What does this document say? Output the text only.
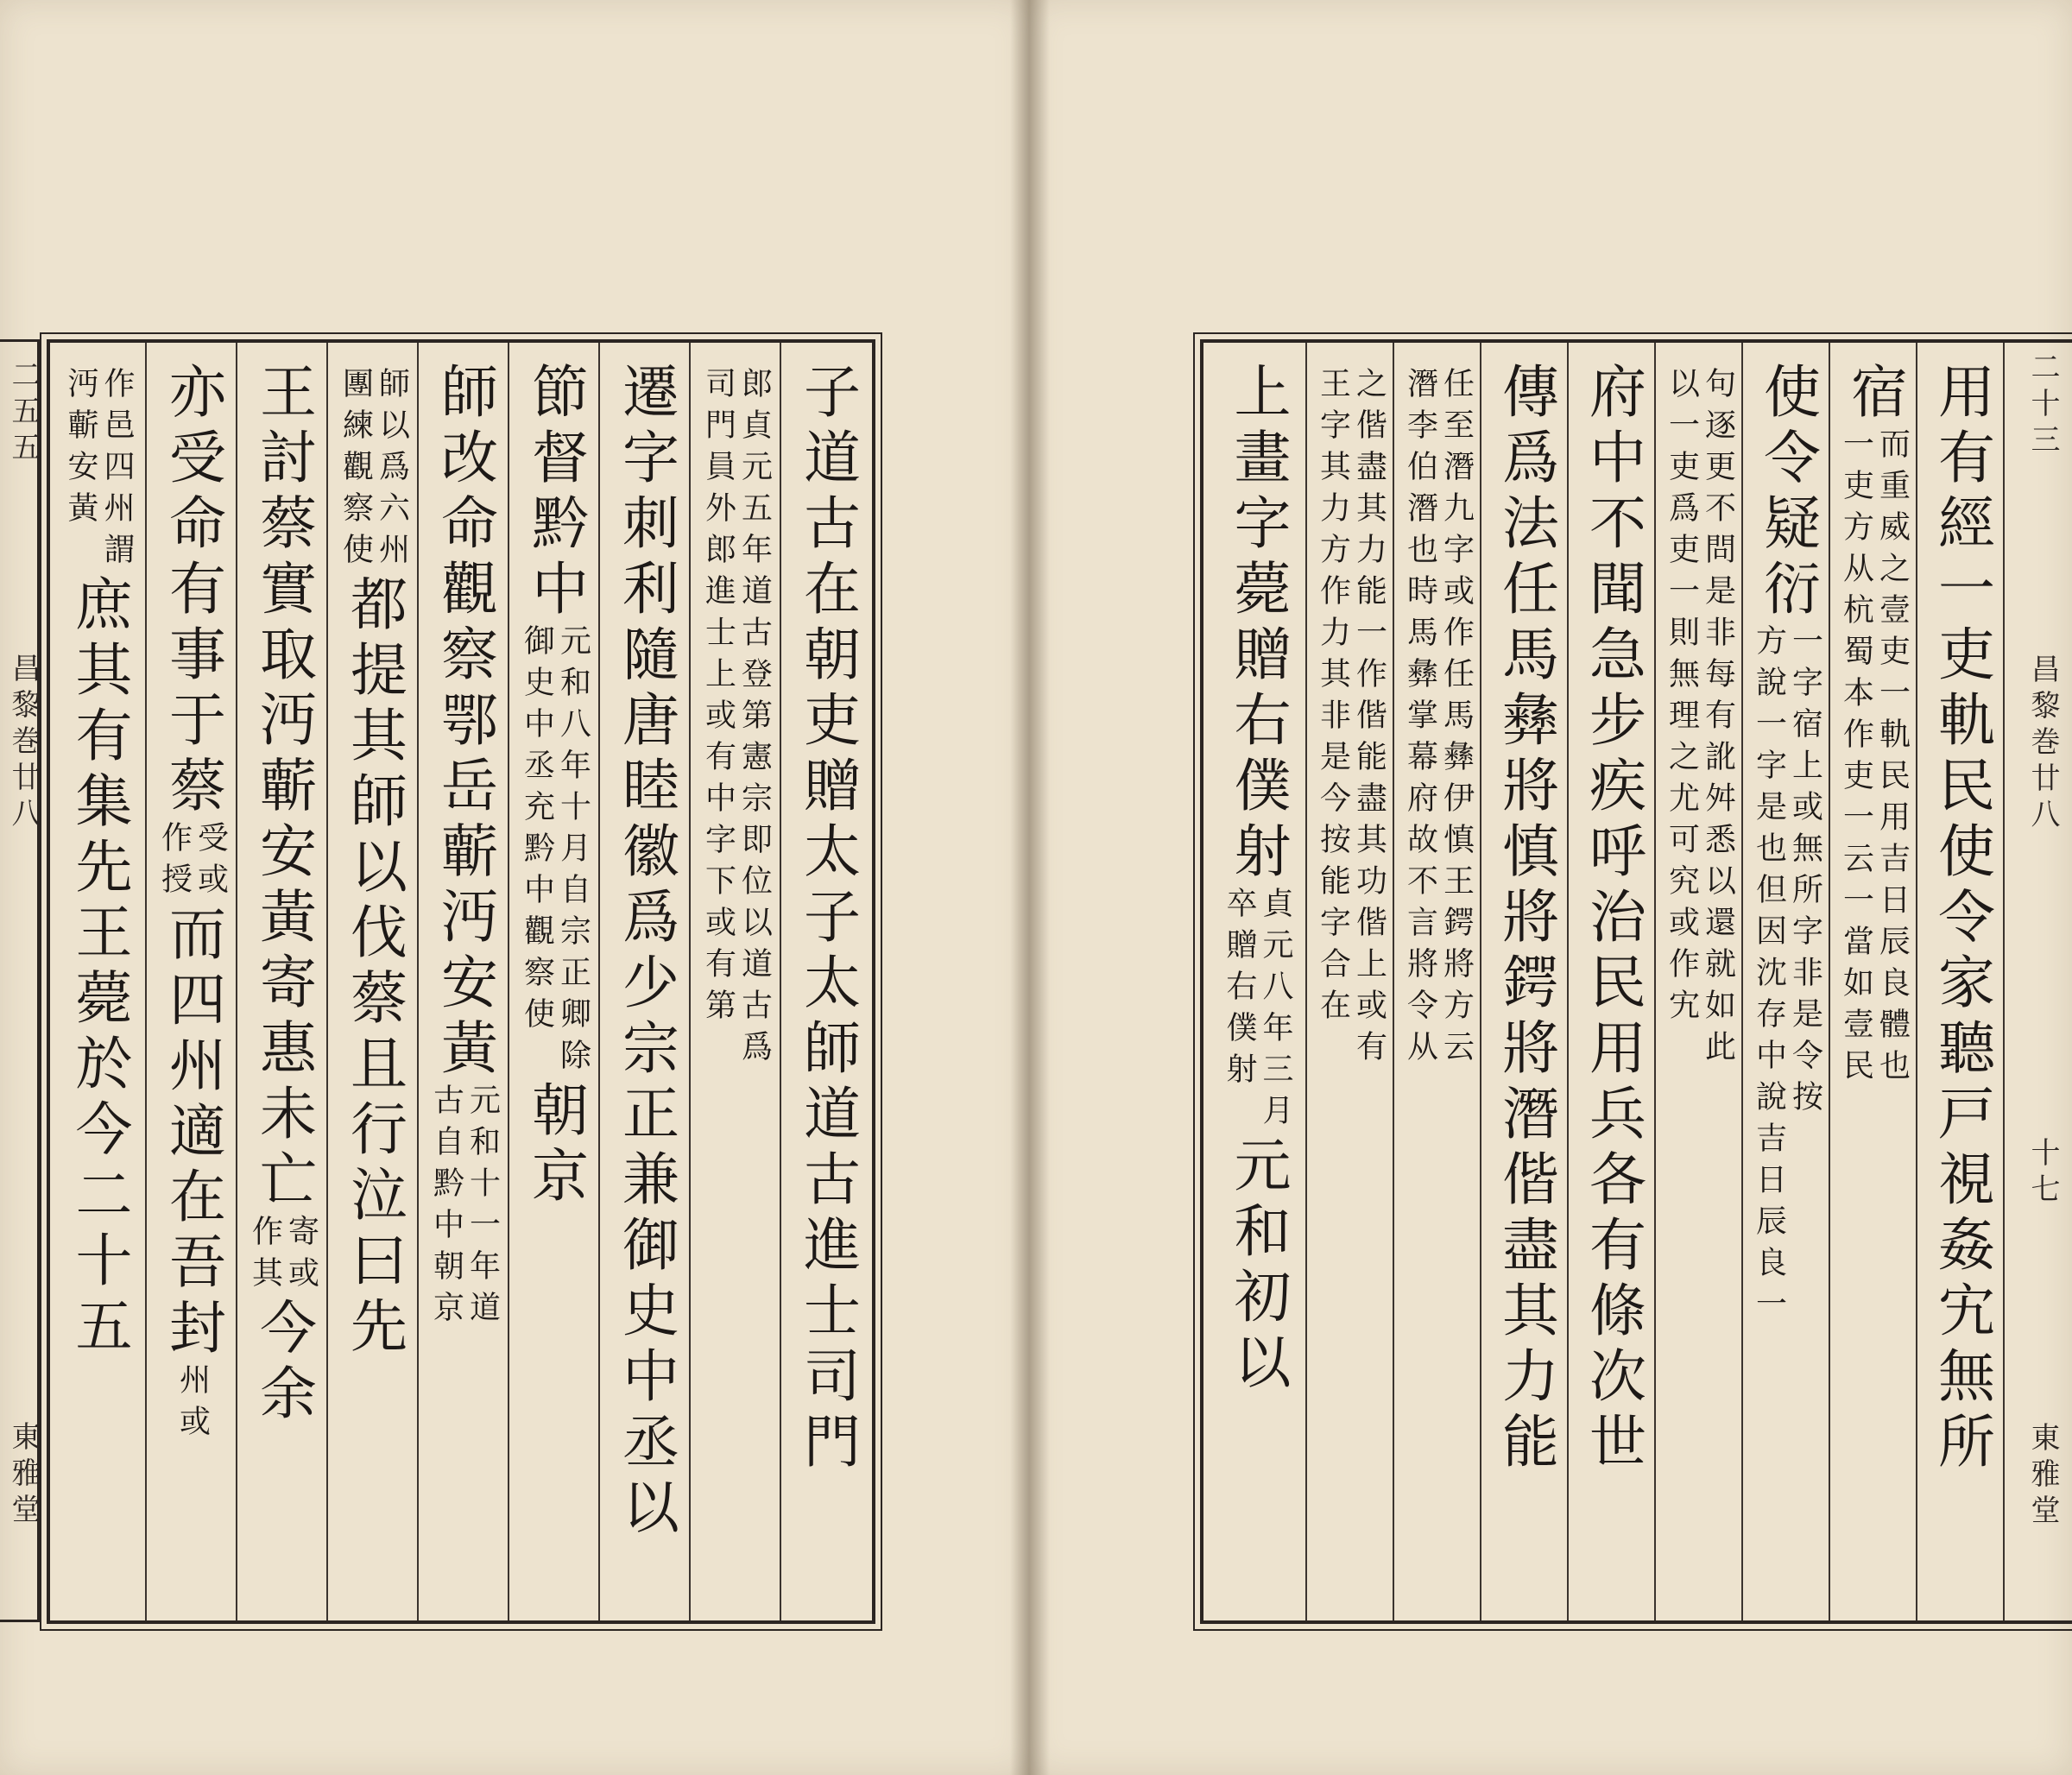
子道古在朝吏贈太子太師道古進士司門
郎貞元五年道古登第憲宗即位以道古爲
司門員外郎進士上或有中字下或有第
遷字刺利隨唐睦徽爲少宗正兼御史中丞以
節督黔中
元和八年十月自宗正卿除
御史中丞充黔中觀察使
朝京
師改命觀察鄂岳蘄沔安黃
元和十一年道
古自黔中朝京
師以爲六州
團練觀察使
都提其師以伐蔡且行泣曰先
王討蔡實取沔蘄安黃寄惠未亡
寄或
作其
今余
亦受命有事于蔡
受或
作授
而四州適在吾封
州或
作邑四州謂
沔蘄安黃
庶其有集先王薨於今二十五
二五五
昌黎巻廿八
東雅堂	用有經一吏軌民使令家聽戸視姦宄無所
宿
而重威之壹吏一軌民用吉日辰良體也
一吏方从杭蜀本作吏一云一當如壹民
使令疑衍
一字宿上或無所字非是令按
方說一字是也但因沈存中說吉日辰良一
句逐更不問是非每有訛舛悉以還就如此
以一吏爲吏一則無理之尤可究或作宄
府中不聞急步疾呼治民用兵各有條次世
傳爲法任馬彝將慎將鍔將潛偕盡其力能
任至潛九字或作任馬彝伊慎王鍔將方云
潛李伯潛也時馬彝掌幕府故不言將令从
之偕盡其力能一作偕能盡其功偕上或有
王字其力方作力其非是今按能字合在
上
畫字薨贈右僕射
貞元八年三月
卒贈右僕射
元和初以
二十三
昌黎巻廿八
十七
東雅堂
